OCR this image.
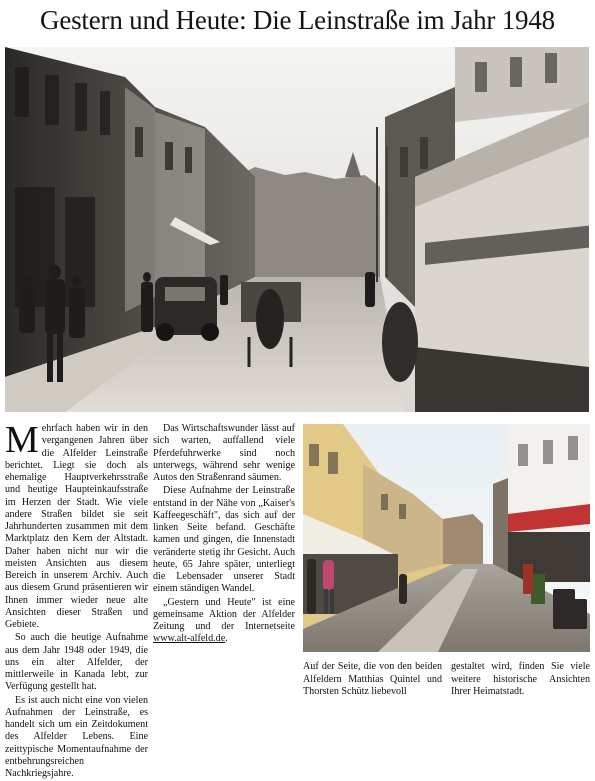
Gestern und Heute: Die Leinstraße im Jahr 1948

Mehrfach haben wir in den vergangenen Jahren über die Alfelder Leinstraße berichtet. Liegt sie doch als ehemalige Hauptverkehrsstraße und heutige Haupteinkaufsstraße im Herzen der Stadt. Wie viele andere Straßen bildet sie seit Jahrhunderten zusammen mit dem Marktplatz den Kern der Altstadt. Daher haben nicht nur wir die meisten Ansichten aus diesem Bereich in unserem Archiv. Auch aus diesem Grund präsentieren wir Ihnen immer wieder neue alte Ansichten dieser Straßen und Gebiete.

So auch die heutige Aufnahme aus dem Jahr 1948 oder 1949, die uns ein alter Alfelder, der mittlerweile in Kanada lebt, zur Verfügung gestellt hat.

Es ist auch nicht eine von vielen Aufnahmen der Leinstraße, es handelt sich um ein Zeitdokument des Alfelder Lebens. Eine zeittypische Momentaufnahme der entbehrungsreichen Nachkriegsjahre.

Das Wirtschaftswunder lässt auf sich warten, auffallend viele Pferdefuhrwerke sind noch unterwegs, während sehr wenige Autos den Straßenrand säumen.

Diese Aufnahme der Leinstraße entstand in der Nähe von „Kaiser's Kaffeegeschäft", das sich auf der linken Seite befand. Geschäfte kamen und gingen, die Innenstadt veränderte stetig ihr Gesicht. Auch heute, 65 Jahre später, unterliegt die Lebensader unserer Stadt einem ständigen Wandel.

„Gestern und Heute" ist eine gemeinsame Aktion der Alfelder Zeitung und der Internetseite www.alt-alfeld.de.

Auf der Seite, die von den beiden Alfeldern Matthias Quintel und Thorsten Schütz liebevoll
gestaltet wird, finden Sie viele weitere historische Ansichten Ihrer Heimatstadt.
